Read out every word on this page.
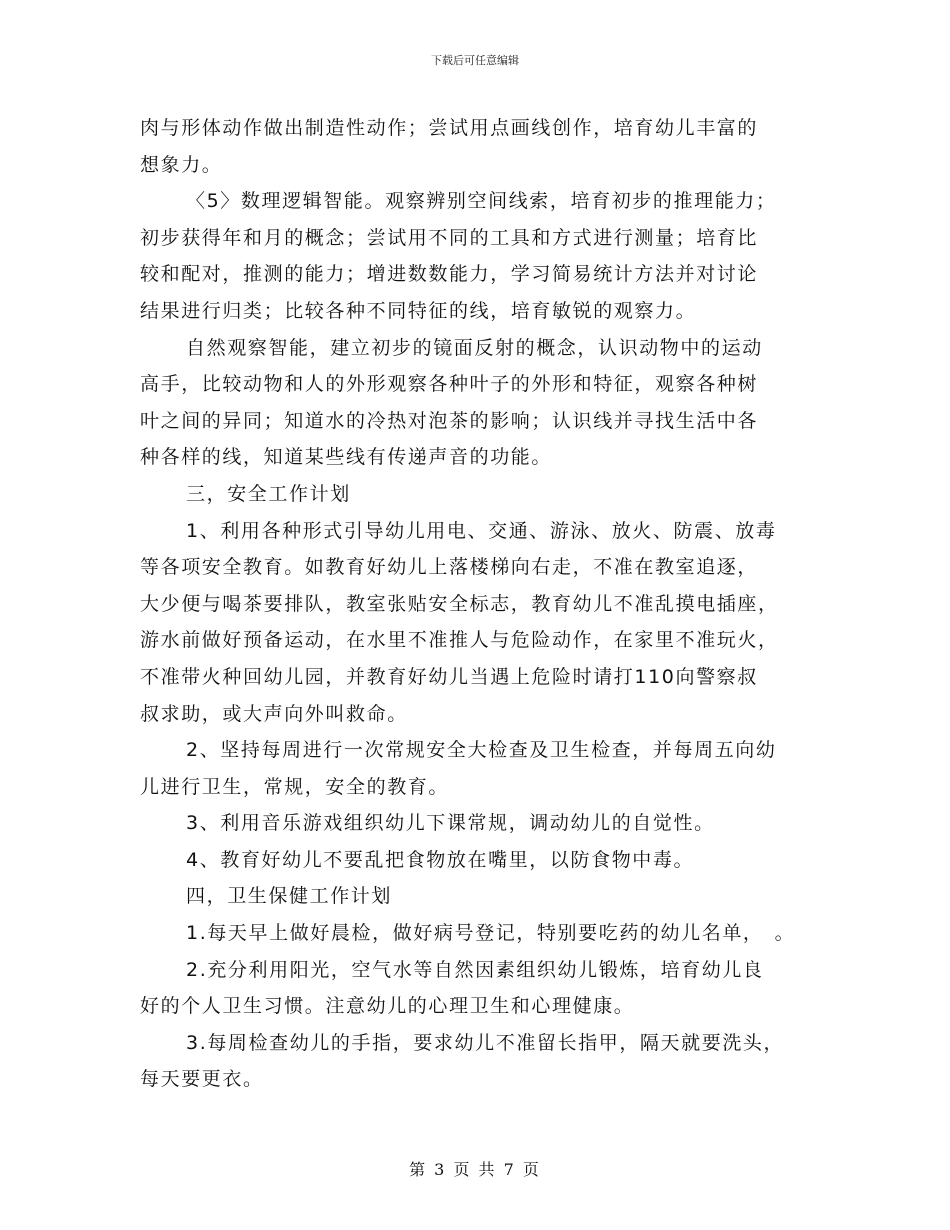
下载后可任意编辑
肉与形体动作做出制造性动作；尝试用点画线创作，培育幼儿丰富的
想象力。
〈5〉数理逻辑智能。观察辨别空间线索，培育初步的推理能力；
初步获得年和月的概念；尝试用不同的工具和方式进行测量；培育比
较和配对，推测的能力；增进数数能力，学习简易统计方法并对讨论
结果进行归类；比较各种不同特征的线，培育敏锐的观察力。
自然观察智能，建立初步的镜面反射的概念，认识动物中的运动
高手，比较动物和人的外形观察各种叶子的外形和特征，观察各种树
叶之间的异同；知道水的冷热对泡茶的影响；认识线并寻找生活中各
种各样的线，知道某些线有传递声音的功能。
三，安全工作计划
1、利用各种形式引导幼儿用电、交通、游泳、放火、防震、放毒
等各项安全教育。如教育好幼儿上落楼梯向右走，不准在教室追逐，
大少便与喝茶要排队，教室张贴安全标志，教育幼儿不准乱摸电插座，
游水前做好预备运动，在水里不准推人与危险动作，在家里不准玩火，
不准带火种回幼儿园，并教育好幼儿当遇上危险时请打110向警察叔
叔求助，或大声向外叫救命。
2、坚持每周进行一次常规安全大检查及卫生检查，并每周五向幼
儿进行卫生，常规，安全的教育。
3、利用音乐游戏组织幼儿下课常规，调动幼儿的自觉性。
4、教育好幼儿不要乱把食物放在嘴里，以防食物中毒。
四，卫生保健工作计划
1.每天早上做好晨检，做好病号登记，特别要吃药的幼儿名单，　。
2.充分利用阳光，空气水等自然因素组织幼儿锻炼，培育幼儿良
好的个人卫生习惯。注意幼儿的心理卫生和心理健康。
3.每周检查幼儿的手指，要求幼儿不准留长指甲，隔天就要洗头，
每天要更衣。
第 3 页 共 7 页
